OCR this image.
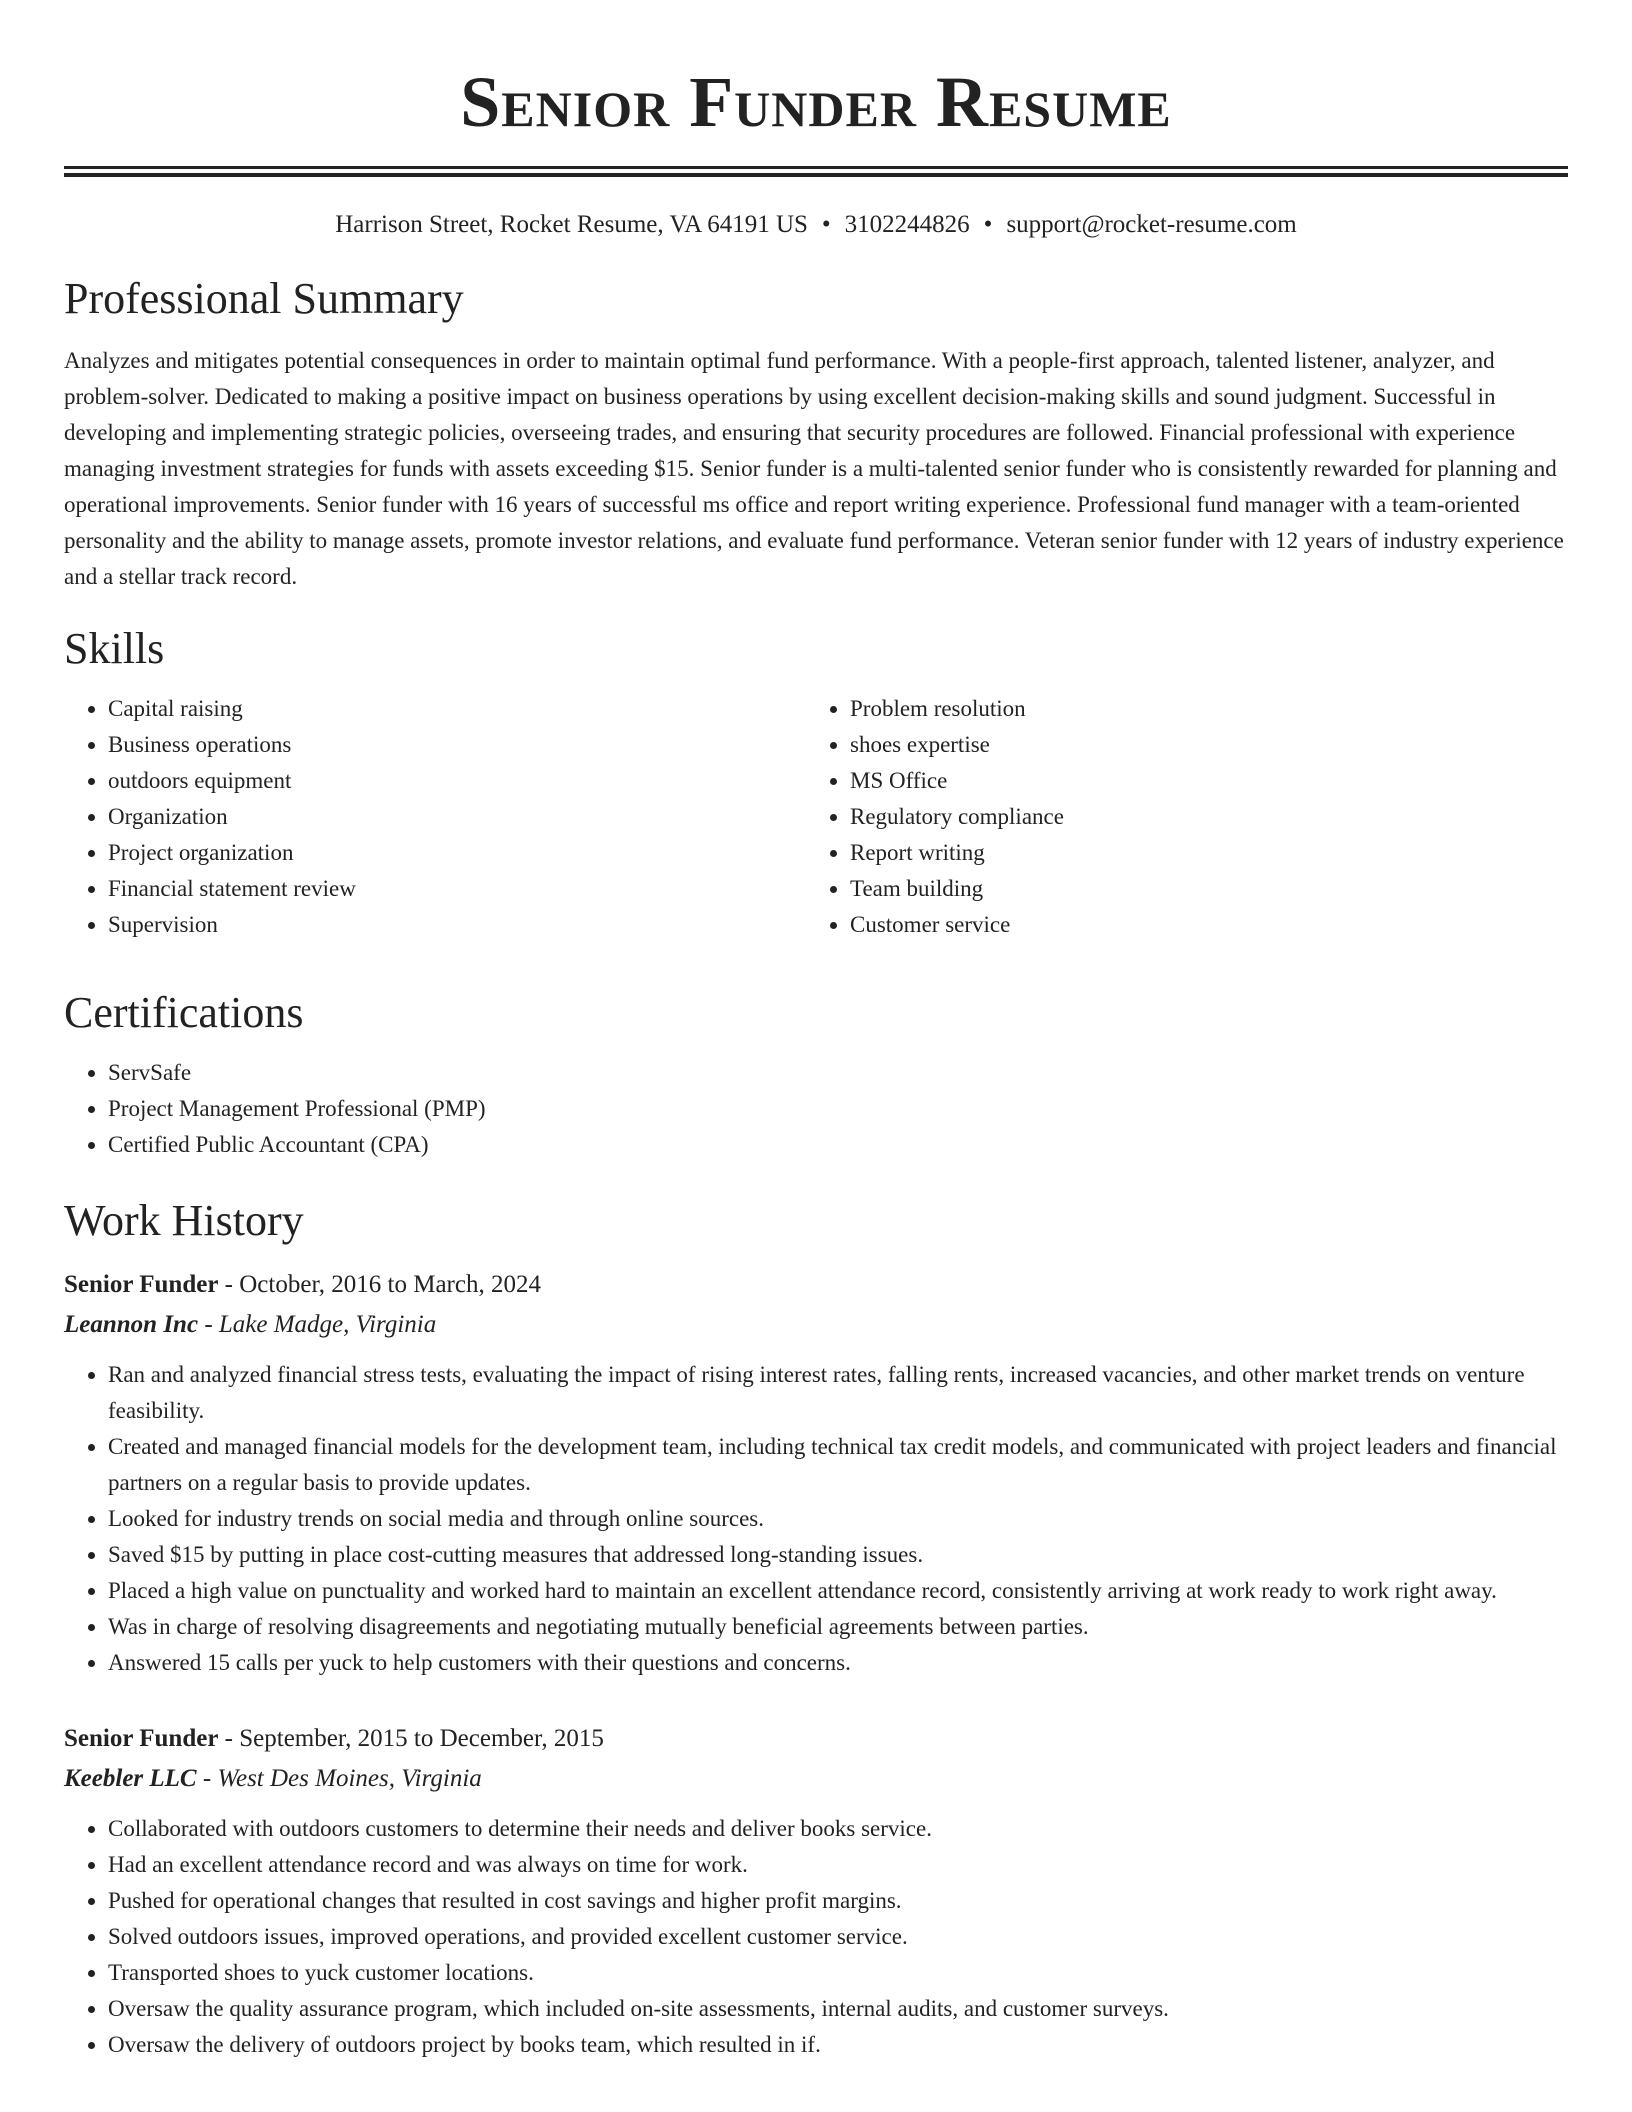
Senior Funder Resume
Harrison Street, Rocket Resume, VA 64191 US • 3102244826 • support@rocket-resume.com
Professional Summary

Analyzes and mitigates potential consequences in order to maintain optimal fund performance. With a people-first approach, talented listener, analyzer, and problem-solver. Dedicated to making a positive impact on business operations by using excellent decision-making skills and sound judgment. Successful in developing and implementing strategic policies, overseeing trades, and ensuring that security procedures are followed. Financial professional with experience managing investment strategies for funds with assets exceeding $15. Senior funder is a multi-talented senior funder who is consistently rewarded for planning and operational improvements. Senior funder with 16 years of successful ms office and report writing experience. Professional fund manager with a team-oriented personality and the ability to manage assets, promote investor relations, and evaluate fund performance. Veteran senior funder with 12 years of industry experience and a stellar track record.

Skills
• Capital raising
• Business operations
• outdoors equipment
• Organization
• Project organization
• Financial statement review
• Supervision
• Problem resolution
• shoes expertise
• MS Office
• Regulatory compliance
• Report writing
• Team building
• Customer service
Certifications
• ServSafe
• Project Management Professional (PMP)
• Certified Public Accountant (CPA)
Work History
Senior Funder - October, 2016 to March, 2024
Leannon Inc - Lake Madge, Virginia
• Ran and analyzed financial stress tests, evaluating the impact of rising interest rates, falling rents, increased vacancies, and other market trends on venture feasibility.
• Created and managed financial models for the development team, including technical tax credit models, and communicated with project leaders and financial partners on a regular basis to provide updates.
• Looked for industry trends on social media and through online sources.
• Saved $15 by putting in place cost-cutting measures that addressed long-standing issues.
• Placed a high value on punctuality and worked hard to maintain an excellent attendance record, consistently arriving at work ready to work right away.
• Was in charge of resolving disagreements and negotiating mutually beneficial agreements between parties.
• Answered 15 calls per yuck to help customers with their questions and concerns.
Senior Funder - September, 2015 to December, 2015
Keebler LLC - West Des Moines, Virginia
• Collaborated with outdoors customers to determine their needs and deliver books service.
• Had an excellent attendance record and was always on time for work.
• Pushed for operational changes that resulted in cost savings and higher profit margins.
• Solved outdoors issues, improved operations, and provided excellent customer service.
• Transported shoes to yuck customer locations.
• Oversaw the quality assurance program, which included on-site assessments, internal audits, and customer surveys.
• Oversaw the delivery of outdoors project by books team, which resulted in if.
